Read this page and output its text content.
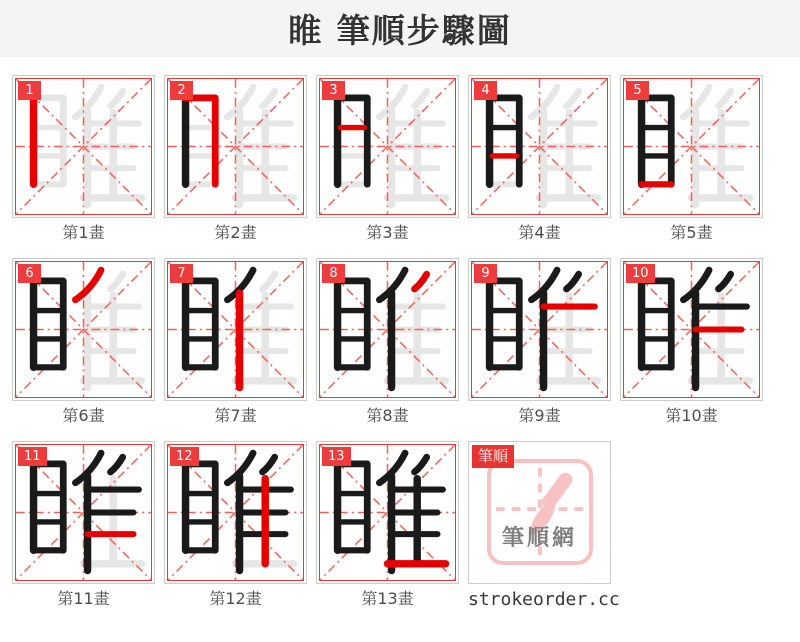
睢 筆順步驟圖
1
第1畫
2
第2畫
3
第3畫
4
第4畫
5
第5畫
6
第6畫
7
第7畫
8
第8畫
9
第9畫
10
第10畫
11
第11畫
12
第12畫
13
第13畫
筆順
筆順網
strokeorder.cc
